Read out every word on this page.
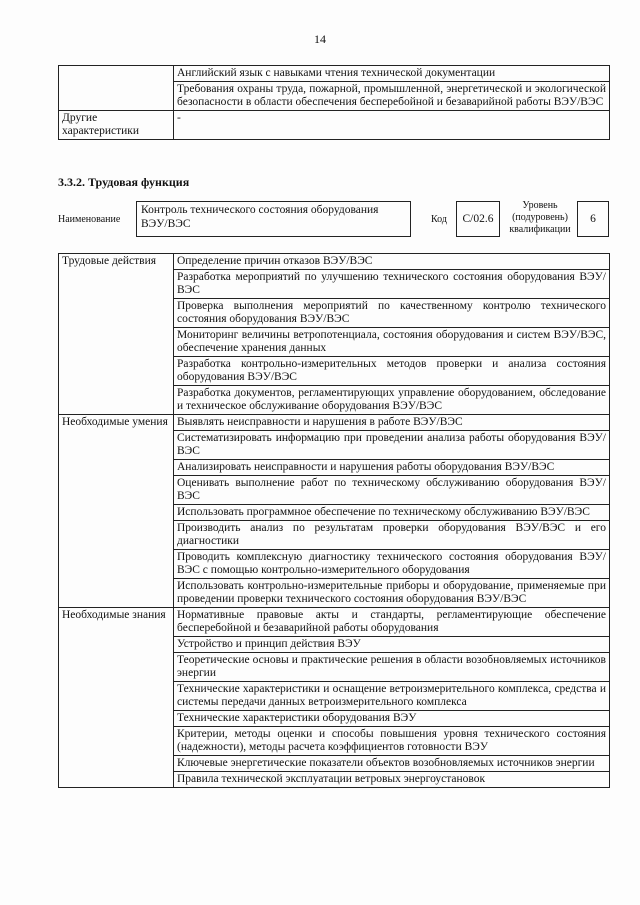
14
	Английский язык с навыками чтения технической документации
	Требования охраны труда, пожарной, промышленной, энергетической и экологической безопасности в области обеспечения бесперебойной и безаварийной работы ВЭУ/ВЭС
Другие характеристики	-
3.3.2. Трудовая функция
Наименование
Контроль технического состояния оборудования ВЭУ/ВЭС	Код	C/02.6
Уровень (подуровень) квалификации
6
Трудовые действия	Определение причин отказов ВЭУ/ВЭС
	Разработка мероприятий по улучшению технического состояния оборудования ВЭУ/ВЭС
	Проверка выполнения мероприятий по качественному контролю технического состояния оборудования ВЭУ/ВЭС
	Мониторинг величины ветропотенциала, состояния оборудования и систем ВЭУ/ВЭС, обеспечение хранения данных
	Разработка контрольно-измерительных методов проверки и анализа состояния оборудования ВЭУ/ВЭС
	Разработка документов, регламентирующих управление оборудованием, обследование и техническое обслуживание оборудования ВЭУ/ВЭС
Необходимые умения	Выявлять неисправности и нарушения в работе ВЭУ/ВЭС
	Систематизировать информацию при проведении анализа работы оборудования ВЭУ/ВЭС
	Анализировать неисправности и нарушения работы оборудования ВЭУ/ВЭС
	Оценивать выполнение работ по техническому обслуживанию оборудования ВЭУ/ВЭС
	Использовать программное обеспечение по техническому обслуживанию ВЭУ/ВЭС
	Производить анализ по результатам проверки оборудования ВЭУ/ВЭС и его диагностики
	Проводить комплексную диагностику технического состояния оборудования ВЭУ/ВЭС с помощью контрольно-измерительного оборудования
	Использовать контрольно-измерительные приборы и оборудование, применяемые при проведении проверки технического состояния оборудования ВЭУ/ВЭС
Необходимые знания	Нормативные правовые акты и стандарты, регламентирующие обеспечение бесперебойной и безаварийной работы оборудования
	Устройство и принцип действия ВЭУ
	Теоретические основы и практические решения в области возобновляемых источников энергии
	Технические характеристики и оснащение ветроизмерительного комплекса, средства и системы передачи данных ветроизмерительного комплекса
	Технические характеристики оборудования ВЭУ
	Критерии, методы оценки и способы повышения уровня технического состояния (надежности), методы расчета коэффициентов готовности ВЭУ
	Ключевые энергетические показатели объектов возобновляемых источников энергии
	Правила технической эксплуатации ветровых энергоустановок
